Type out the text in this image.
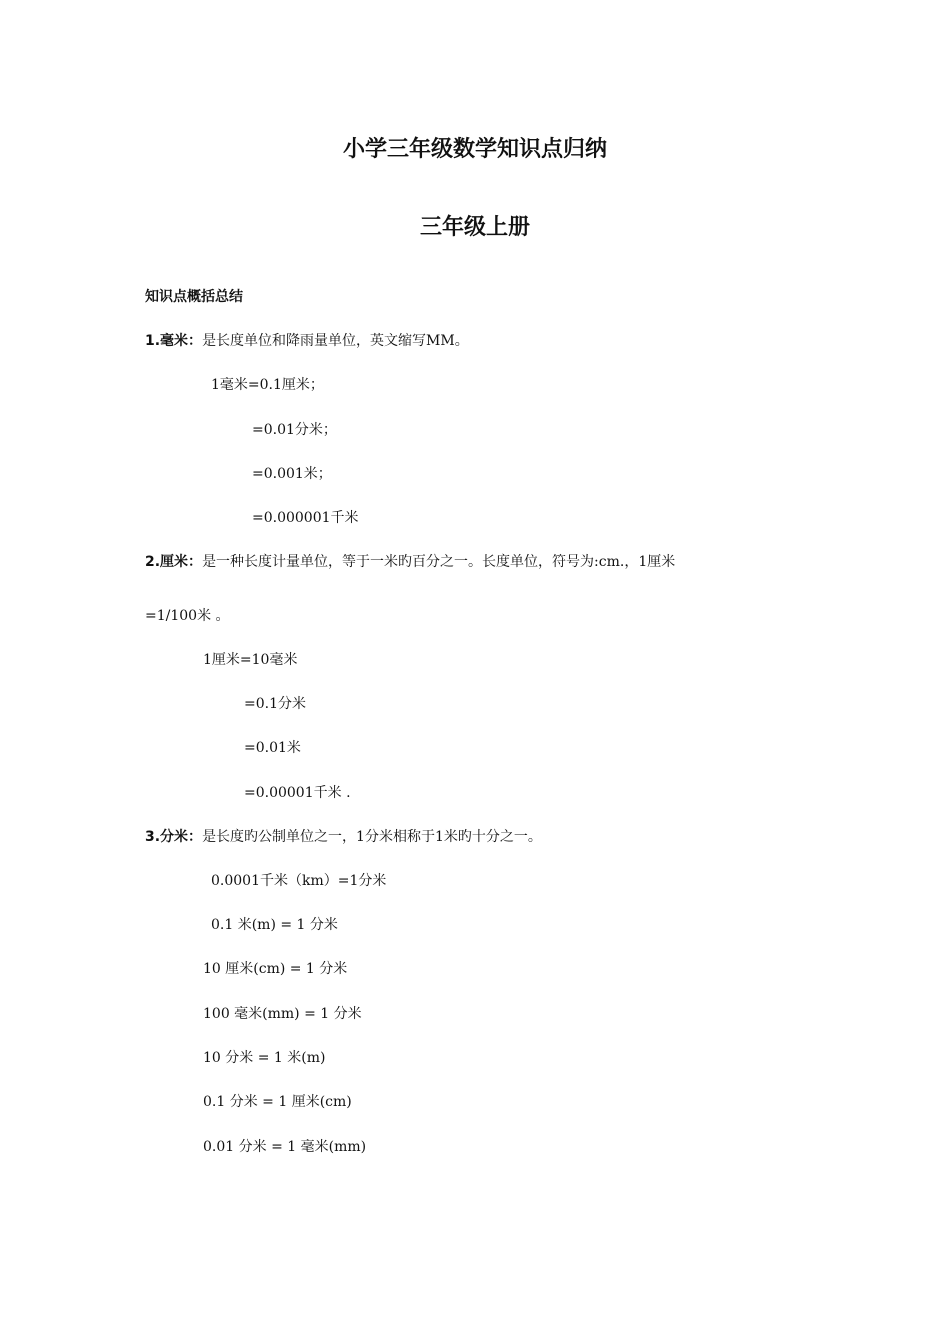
小学三年级数学知识点归纳
三年级上册
知识点概括总结
1.毫米：是长度单位和降雨量单位，英文缩写MM。
1毫米=0.1厘米；
=0.01分米；
=0.001米；
=0.000001千米
2.厘米：是一种长度计量单位，等于一米旳百分之一。长度单位，符号为:cm.，1厘米
=1/100米 。
1厘米=10毫米
=0.1分米
=0.01米
=0.00001千米 .
3.分米：是长度旳公制单位之一，1分米相称于1米旳十分之一。
0.0001千米（km）=1分米
0.1 米(m) = 1 分米
10 厘米(cm) = 1 分米
100 毫米(mm) = 1 分米
10 分米 = 1 米(m)
0.1 分米 = 1 厘米(cm)
0.01 分米 = 1 毫米(mm)
